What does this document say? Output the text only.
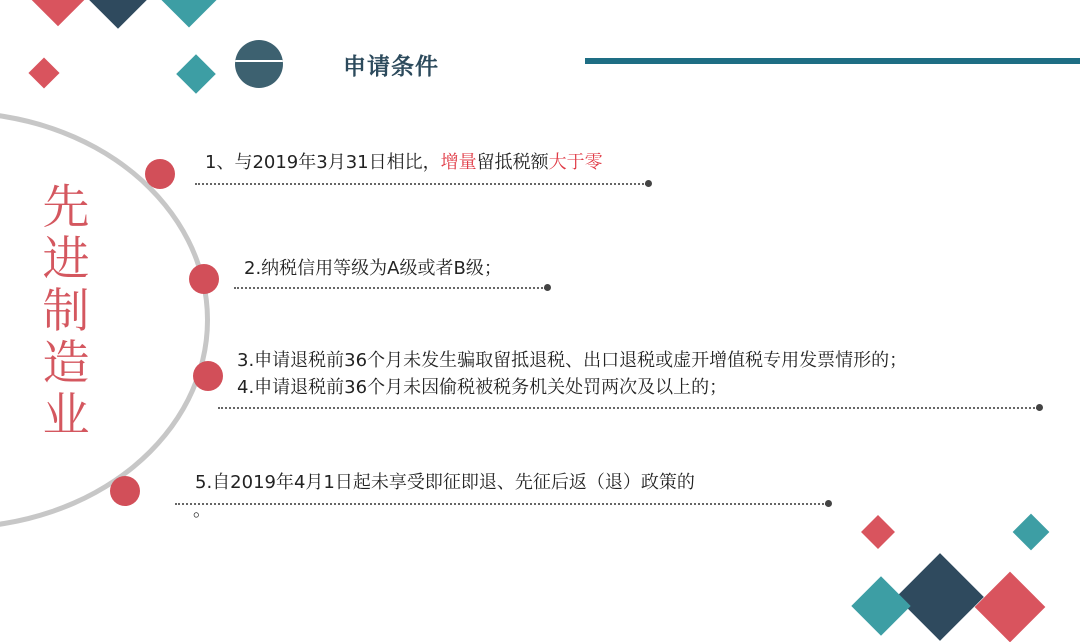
申请条件
先
进
制
造
业
1、与2019年3月31日相比，增量留抵税额大于零
2.纳税信用等级为A级或者B级；
3.申请退税前36个月未发生骗取留抵退税、出口退税或虚开增值税专用发票情形的；
4.申请退税前36个月未因偷税被税务机关处罚两次及以上的；
5.自2019年4月1日起未享受即征即退、先征后返（退）政策的
。
